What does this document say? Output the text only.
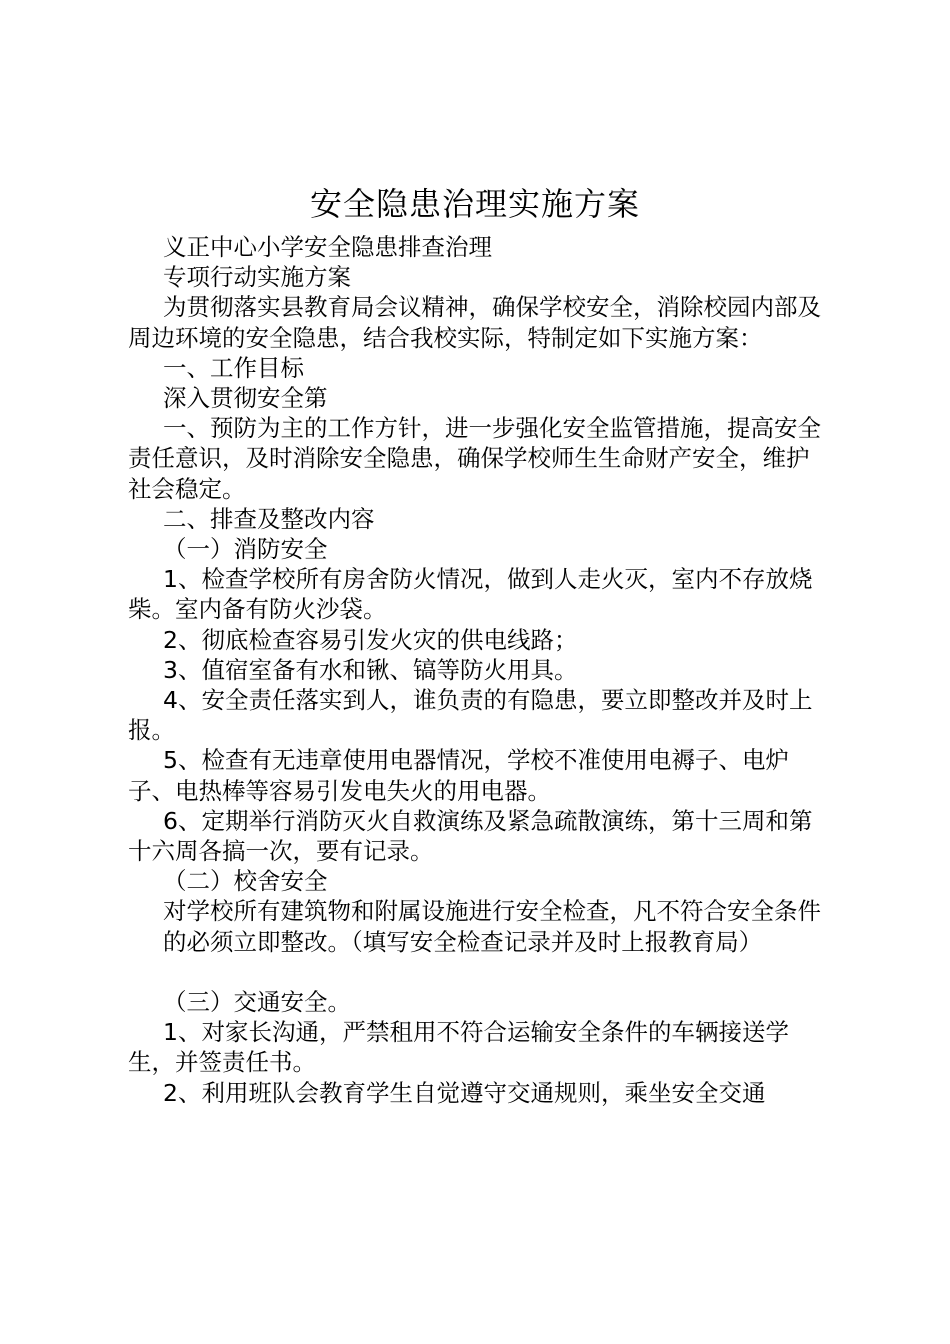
安全隐患治理实施方案

义正中心小学安全隐患排查治理

专项行动实施方案

为贯彻落实县教育局会议精神，确保学校安全，消除校园内部及周边环境的安全隐患，结合我校实际，特制定如下实施方案：

一、工作目标

深入贯彻安全第

一、预防为主的工作方针，进一步强化安全监管措施，提高安全责任意识，及时消除安全隐患，确保学校师生生命财产安全，维护社会稳定。

二、排查及整改内容

（一）消防安全

1、检查学校所有房舍防火情况，做到人走火灭，室内不存放烧柴。室内备有防火沙袋。

2、彻底检查容易引发火灾的供电线路；

3、值宿室备有水和锹、镐等防火用具。

4、安全责任落实到人，谁负责的有隐患，要立即整改并及时上报。

5、检查有无违章使用电器情况，学校不准使用电褥子、电炉子、电热棒等容易引发电失火的用电器。

6、定期举行消防灭火自救演练及紧急疏散演练，第十三周和第十六周各搞一次，要有记录。

（二）校舍安全

对学校所有建筑物和附属设施进行安全检查，凡不符合安全条件

的必须立即整改。（填写安全检查记录并及时上报教育局）

（三）交通安全。

1、对家长沟通，严禁租用不符合运输安全条件的车辆接送学生，并签责任书。

2、利用班队会教育学生自觉遵守交通规则，乘坐安全交通
